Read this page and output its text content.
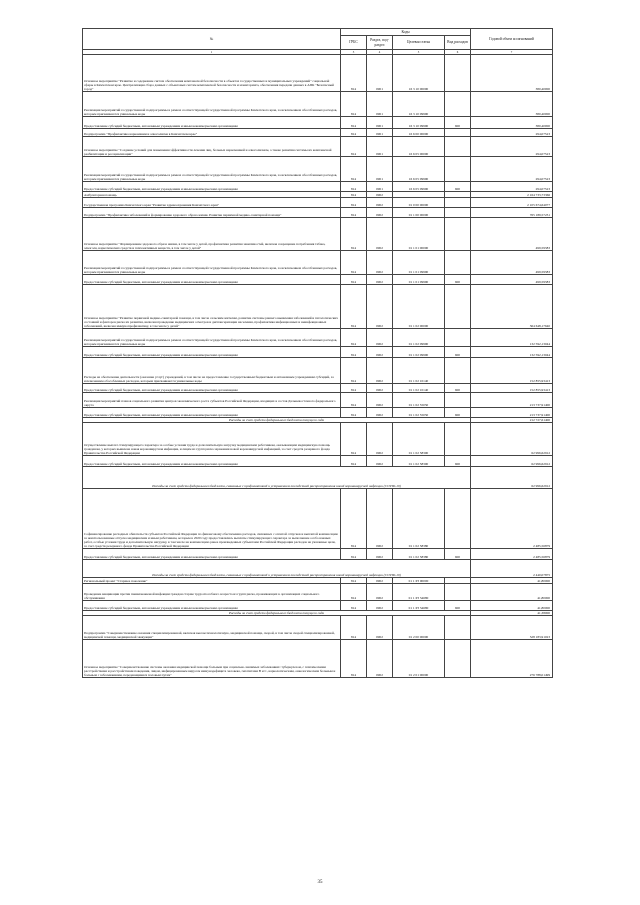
№	Коды				Годовой объем ассигнований
	ГРБС	Раздел, под-раздел	Целевая статья	Вид расходов	
1	3	4	5	6	7
Основное мероприятие "Развитие и содержание систем обеспечения комплексной безопасности в объектах государственных и муниципальных учреждений" социальной сферы в Камчатском крае. Централизация сбора данных с объектовых систем комплексной безопасности и мониторинга, обеспечения передачи данных в АПК "Безопасный город"	814	0901	16 3 10 00000		380,40000
Реализация мероприятий государственной подпрограммы в рамках соответствующей государственной программы Камчатского края, за исключением обособленных расходов, которым присваиваются уникальные коды	814	0901	16 3 10 09990		380,40000
Предоставление субсидий бюджетным, автономным учреждениям и иным некоммерческим организациям	814	0901	16 3 10 09990	600	380,40000
Подпрограмма "Профилактика наркомании и алкоголизма в Камчатском крае"	814	0901	16 6 00 00000		294,07523
Основное мероприятие "Создание условий для повышения эффективности лечения лиц, больных наркоманией и алкоголизмом, а также развития системы их комплексной реабилитации и ресоциализации"	814	0901	16 6 05 00000		294,07523
Реализация мероприятий государственной подпрограммы в рамках соответствующей государственной программы Камчатского края, за исключением обособленных расходов, которым присваиваются уникальные коды	814	0901	16 6 05 09990		294,07523
Предоставление субсидий бюджетным, автономным учреждениям и иным некоммерческим организациям	814	0901	16 6 05 09990	600	294,07523
Амбулаторная помощь	814	0902			2 164 733,73366
Государственная программа Камчатского края "Развитие здравоохранения Камчатского края"	814	0902	01 0 00 00000		2 105 674,64077
Подпрограмма "Профилактика заболеваний и формирование здорового образа жизни. Развитие первичной медико-санитарной помощи"	814	0902	01 1 00 00000		765 189,57231
Основное мероприятие "Формирование здорового образа жизни, в том числе у детей, профилактика развития зависимостей, включая сокращение потребления табака, алкоголя, наркотических средств и психоактивных веществ, в том числе у детей"	814	0902	01 1 01 00000		499,59383
Реализация мероприятий государственной подпрограммы в рамках соответствующей государственной программы Камчатского края, за исключением обособленных расходов, которым присваиваются уникальные коды	814	0902	01 1 01 09990		499,59383
Предоставление субсидий бюджетным, автономным учреждениям и иным некоммерческим организациям	814	0902	01 1 01 09990	600	499,59383
Основное мероприятие "Развитие первичной медико-санитарной помощи, в том числе сельским жителям, развитие системы раннего выявления заболеваний и патологических состояний и факторов риска их развития, включая проведение медицинских осмотров и диспансеризации населения, профилактика инфекционных и неинфекционных заболеваний, включая иммунопрофилактику, в том числе у детей"	814	0902	01 1 02 00000		364 648,17640
Реализация мероприятий государственной подпрограммы в рамках соответствующей государственной программы Камчатского края, за исключением обособленных расходов, которым присваиваются уникальные коды	814	0902	01 1 02 09990		132 592,13044
Предоставление субсидий бюджетным, автономным учреждениям и иным некоммерческим организациям	814	0902	01 1 02 09990	600	132 592,13044
Расходы на обеспечение деятельности (оказание услуг) учреждений, в том числе на предоставление государственным бюджетным и автономным учреждениям субсидий, за исключением обособленных расходов, которым присваиваются уникальные коды	814	0902	01 1 02 10140		152 855,93413
Предоставление субсидий бюджетным, автономным учреждениям и иным некоммерческим организациям	814	0902	01 1 02 10140	600	152 855,93413
Реализация мероприятий планов социального развития центров экономического роста субъектов Российской Федерации, входящих в состав Дальневосточного федерального округа	814	0902	01 1 02 55050		213 737,91400
Предоставление субсидий бюджетным, автономным учреждениям и иным некоммерческим организациям	814	0902	01 1 02 55050	600	213 737,91400
Расходы за счет средств федерального бюджета текущего года					212 727,61400
Осуществление выплат стимулирующего характера за особые условия труда и дополнительную нагрузку медицинским работникам, оказывающим медицинскую помощь гражданам, у которых выявлена новая коронавирусная инфекция, и лицам из групп риска заражения новой коронавирусной инфекцией, за счет средств резервного фонда Правительства Российской Федерации	814	0902	01 1 02 58300		62 996,62912
Предоставление субсидий бюджетным, автономным учреждениям и иным некоммерческим организациям	814	0902	01 1 02 58300	600	62 996,62912
Расходы за счет средств федерального бюджета, связанные с профилактикой и устранением последствий распространения новой коронавирусной инфекции (COVID-19)					62 996,62912
Софинансирование расходных обязательств субъектов Российской Федерации по финансовому обеспечению расходов, связанных с оплатой отпусков и выплатой компенсации за неиспользованные отпуска медицинским и иным работникам, которым в 2020 году предоставлялись выплаты стимулирующего характера за выполнение особо важных работ, особые условия труда и дополнительную нагрузку, в том числе на компенсацию ранее произведенных субъектами Российской Федерации расходов на указанные цели, за счет средств резервного фонда Правительства Российской Федерации	814	0902	01 1 02 58380		2 485,56879
Предоставление субсидий бюджетным, автономным учреждениям и иным некоммерческим организациям	814	0902	01 1 02 58380	600	2 485,56879
Расходы за счет средств федерального бюджета, связанные с профилактикой и устранением последствий распространения новой коронавирусной инфекции (COVID-19)					2 440,07875
Региональный проект "Старшее поколение"	814	0902	01 1 P3 00000		41,80000
Проведение вакцинации против пневмококковой инфекции граждан старше трудоспособного возраста из групп риска, проживающих в организациях социального обслуживания	814	0902	01 1 P3 54680		41,80000
Предоставление субсидий бюджетным, автономным учреждениям и иным некоммерческим организациям	814	0902	01 1 P3 54680	600	41,80000
Расходы за счет средств федерального бюджета текущего года					41,38000
Подпрограмма "Совершенствование оказания специализированной, включая высокотехнологичную, медицинской помощи, скорой, в том числе скорой специализированной, медицинской помощи, медицинской эвакуации"	814	0902	01 2 00 00000		528 183,91023
Основное мероприятие "Совершенствование системы оказания медицинской помощи больным при социально-значимых заболеваниях: туберкулезом, с психическими расстройствами и расстройствами поведения, лицам, инфицированным вирусом иммунодефицита человека, гепатитами B и C, наркологическим, онкологическим больным и больным с заболеваниями, передающимися половым путем"	814	0902	01 2 01 00000		276 788,01499
35
